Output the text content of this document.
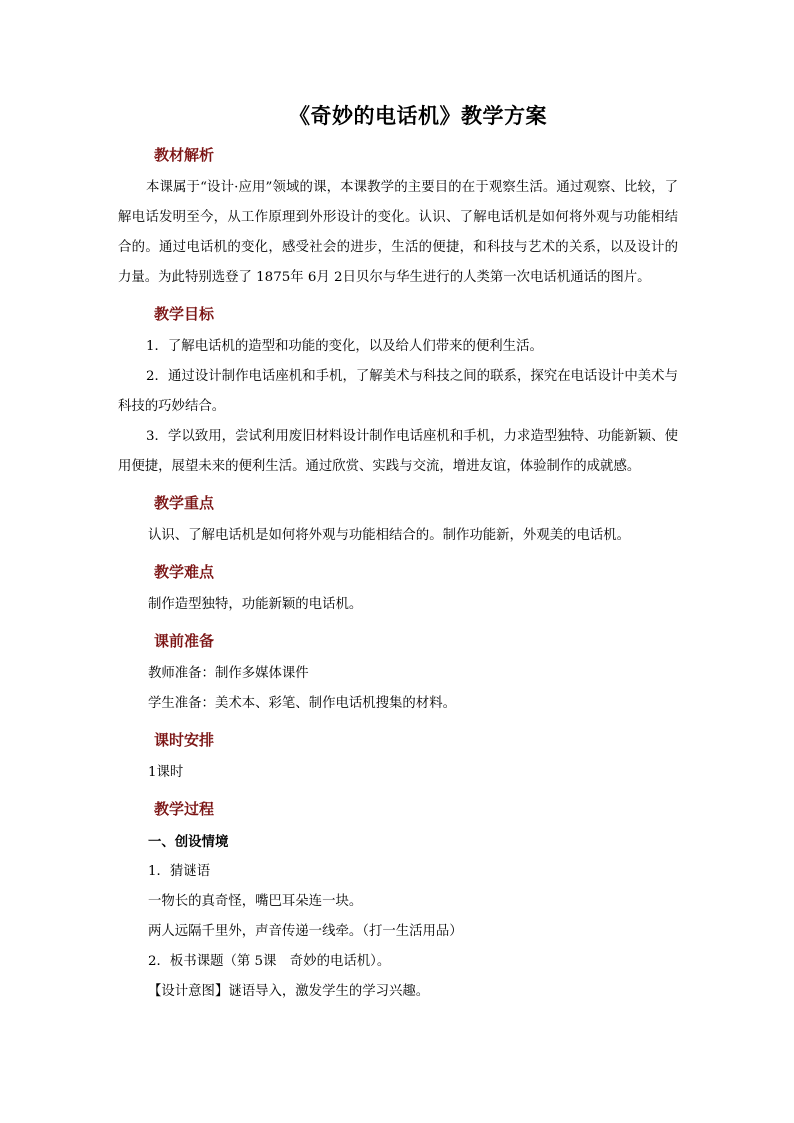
《奇妙的电话机》教学方案
教材解析

本课属于“设计·应用”领域的课，本课教学的主要目的在于观察生活。通过观察、比较，了解电话发明至今，从工作原理到外形设计的变化。认识、了解电话机是如何将外观与功能相结合的。通过电话机的变化，感受社会的进步，生活的便捷，和科技与艺术的关系，以及设计的力量。为此特别选登了 1875年 6月 2日贝尔与华生进行的人类第一次电话机通话的图片。

教学目标

1．了解电话机的造型和功能的变化，以及给人们带来的便利生活。

2．通过设计制作电话座机和手机，了解美术与科技之间的联系，探究在电话设计中美术与科技的巧妙结合。

3．学以致用，尝试利用废旧材料设计制作电话座机和手机，力求造型独特、功能新颖、使用便捷，展望未来的便利生活。通过欣赏、实践与交流，增进友谊，体验制作的成就感。

教学重点

认识、了解电话机是如何将外观与功能相结合的。制作功能新，外观美的电话机。

教学难点

制作造型独特，功能新颖的电话机。

课前准备

教师准备：制作多媒体课件

学生准备：美术本、彩笔、制作电话机搜集的材料。

课时安排

1课时

教学过程

一、创设情境

1．猜谜语

一物长的真奇怪，嘴巴耳朵连一块。

两人远隔千里外，声音传递一线牵。（打一生活用品）

2．板书课题（第 5课　奇妙的电话机）。

【设计意图】谜语导入，激发学生的学习兴趣。
